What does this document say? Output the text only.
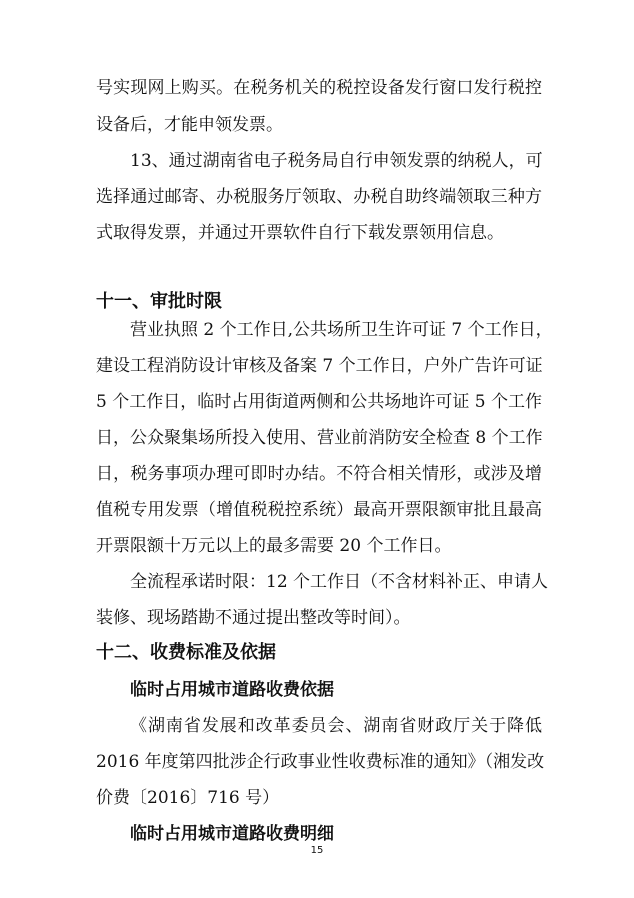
号实现网上购买。在税务机关的税控设备发行窗口发行税控
设备后，才能申领发票。
13、通过湖南省电子税务局自行申领发票的纳税人，可
选择通过邮寄、办税服务厅领取、办税自助终端领取三种方
式取得发票，并通过开票软件自行下载发票领用信息。
十一、审批时限
营业执照 2 个工作日,公共场所卫生许可证 7 个工作日，
建设工程消防设计审核及备案 7 个工作日，户外广告许可证
5 个工作日，临时占用街道两侧和公共场地许可证 5 个工作
日，公众聚集场所投入使用、营业前消防安全检查 8 个工作
日，税务事项办理可即时办结。不符合相关情形，或涉及增
值税专用发票（增值税税控系统）最高开票限额审批且最高
开票限额十万元以上的最多需要 20 个工作日。
全流程承诺时限：12 个工作日（不含材料补正、申请人
装修、现场踏勘不通过提出整改等时间）。
十二、收费标准及依据
临时占用城市道路收费依据
《湖南省发展和改革委员会、湖南省财政厅关于降低
2016 年度第四批涉企行政事业性收费标准的通知》（湘发改
价费〔2016〕716 号）
临时占用城市道路收费明细
15
